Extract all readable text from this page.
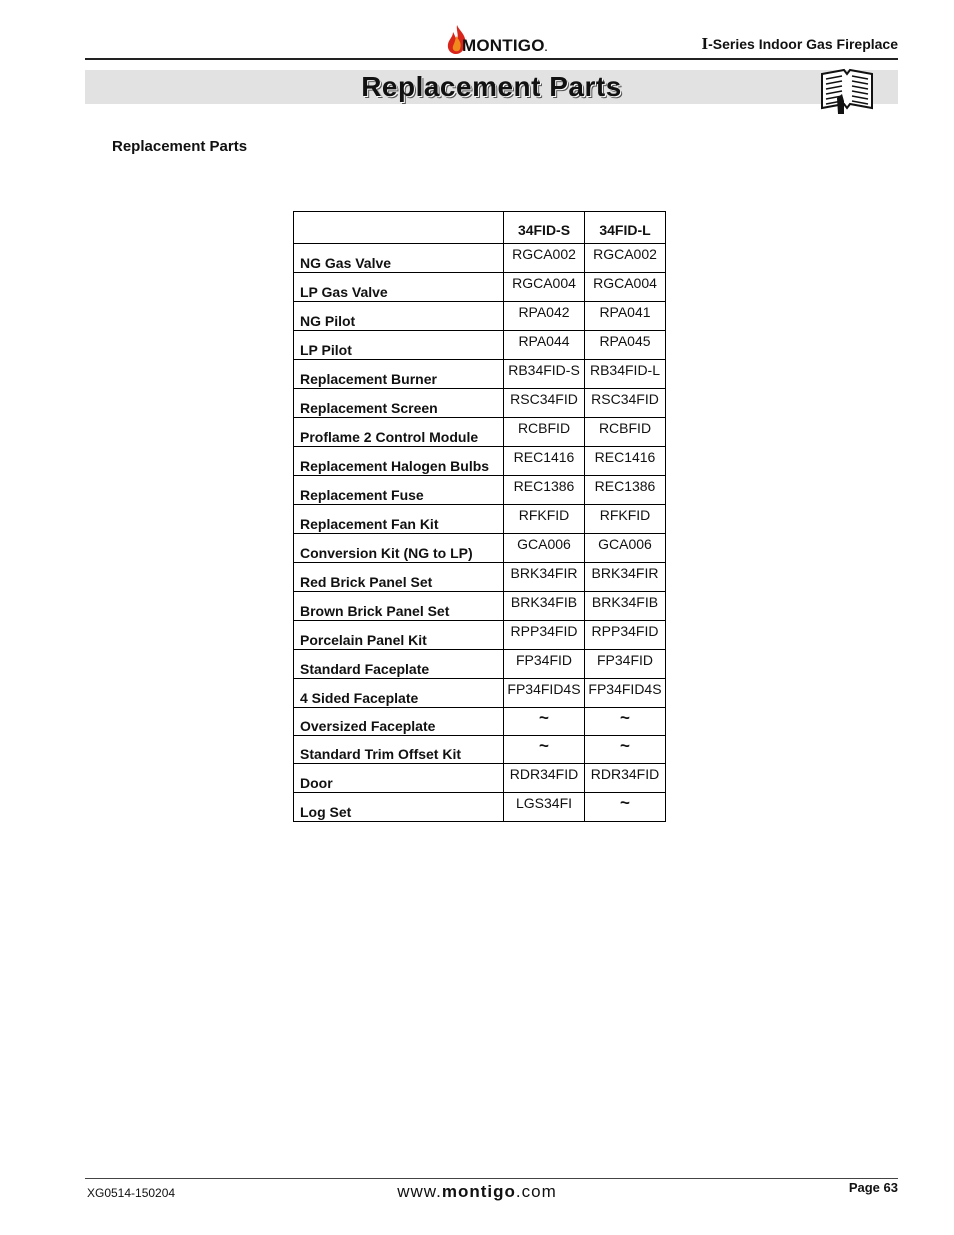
MONTIGO.	I-Series Indoor Gas Fireplace
Replacement Parts
Replacement Parts
	34FID-S	34FID-L
NG Gas Valve	RGCA002	RGCA002
LP Gas Valve	RGCA004	RGCA004
NG Pilot	RPA042	RPA041
LP Pilot	RPA044	RPA045
Replacement Burner	RB34FID-S	RB34FID-L
Replacement Screen	RSC34FID	RSC34FID
Proflame 2 Control Module	RCBFID	RCBFID
Replacement Halogen Bulbs	REC1416	REC1416
Replacement Fuse	REC1386	REC1386
Replacement Fan Kit	RFKFID	RFKFID
Conversion Kit (NG to LP)	GCA006	GCA006
Red Brick Panel Set	BRK34FIR	BRK34FIR
Brown Brick Panel Set	BRK34FIB	BRK34FIB
Porcelain Panel Kit	RPP34FID	RPP34FID
Standard Faceplate	FP34FID	FP34FID
4 Sided Faceplate	FP34FID4S	FP34FID4S
Oversized Faceplate	~	~
Standard Trim Offset Kit	~	~
Door	RDR34FID	RDR34FID
Log Set	LGS34FI	~
XG0514-150204	www.montigo.com	Page 63
